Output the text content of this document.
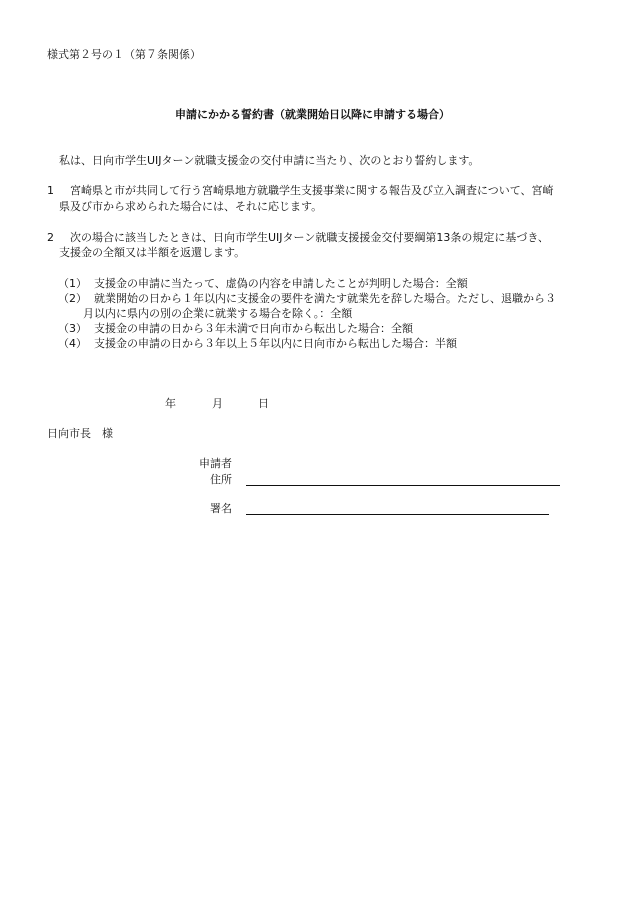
様式第２号の１（第７条関係）
申請にかかる誓約書（就業開始日以降に申請する場合）
私は、日向市学生UIJターン就職支援金の交付申請に当たり、次のとおり誓約します。
1 宮崎県と市が共同して行う宮崎県地方就職学生支援事業に関する報告及び立入調査について、宮崎
県及び市から求められた場合には、それに応じます。
2 次の場合に該当したときは、日向市学生UIJターン就職支援援金交付要綱第13条の規定に基づき、
支援金の全額又は半額を返還します。
（1） 支援金の申請に当たって、虚偽の内容を申請したことが判明した場合：全額
（2） 就業開始の日から１年以内に支援金の要件を満たす就業先を辞した場合。ただし、退職から３
月以内に県内の別の企業に就業する場合を除く。：全額
（3） 支援金の申請の日から３年未満で日向市から転出した場合：全額
（4） 支援金の申請の日から３年以上５年以内に日向市から転出した場合：半額
年	月	日
日向市長　様
申請者
住所
署名
